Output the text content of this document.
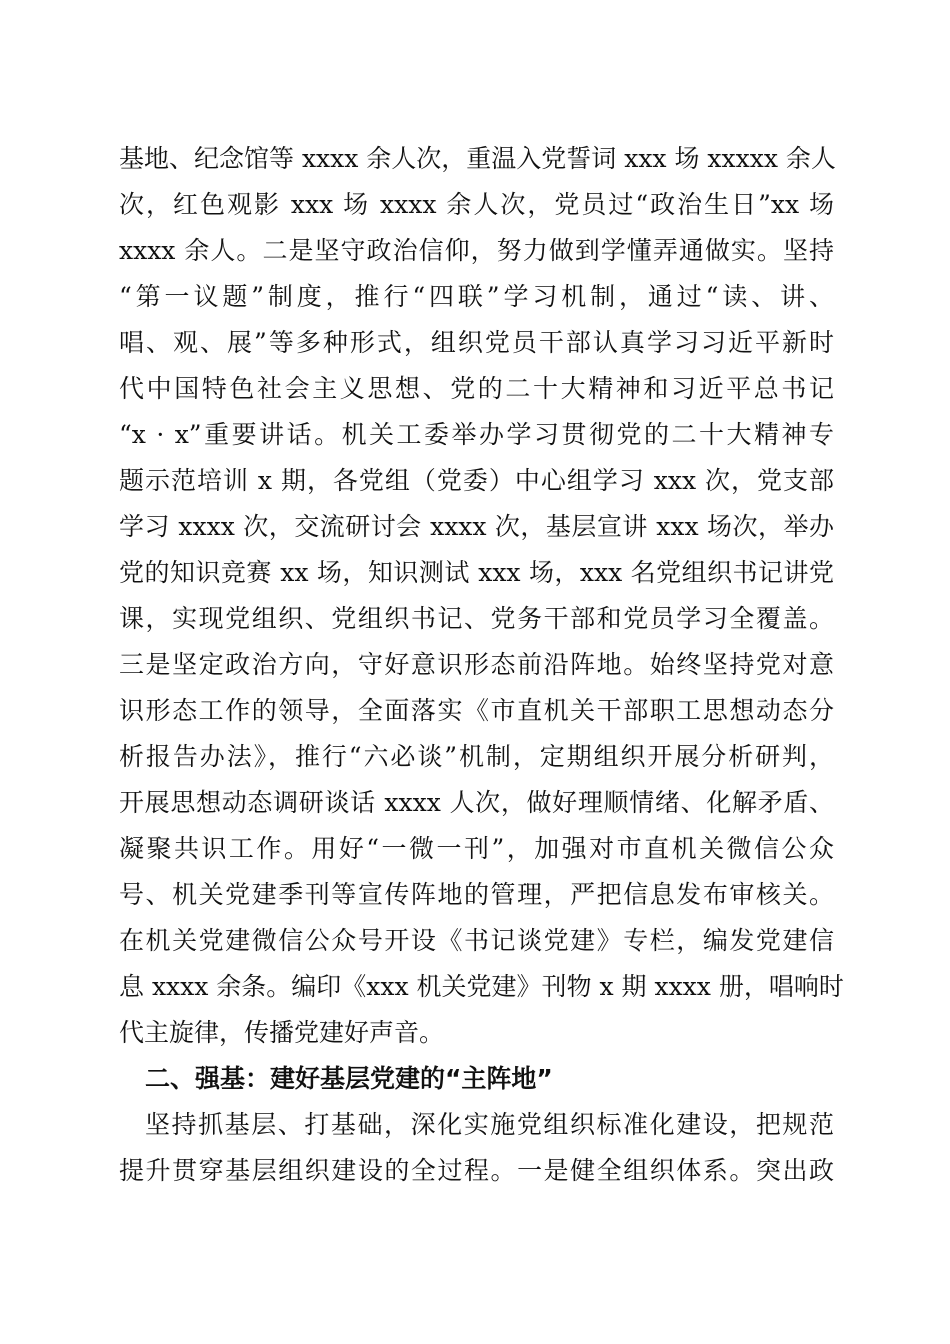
基地、纪念馆等 xxxx 余人次，重温入党誓词 xxx 场 xxxxx 余人
次，红色观影 xxx 场 xxxx 余人次，党员过“政治生日”xx 场
xxxx 余人。二是坚守政治信仰，努力做到学懂弄通做实。坚持
“第一议题”制度，推行“四联”学习机制，通过“读、讲、
唱、观、展”等多种形式，组织党员干部认真学习习近平新时
代中国特色社会主义思想、党的二十大精神和习近平总书记
“x · x”重要讲话。机关工委举办学习贯彻党的二十大精神专
题示范培训 x 期，各党组（党委）中心组学习 xxx 次，党支部
学习 xxxx 次，交流研讨会 xxxx 次，基层宣讲 xxx 场次，举办
党的知识竞赛 xx 场，知识测试 xxx 场，xxx 名党组织书记讲党
课，实现党组织、党组织书记、党务干部和党员学习全覆盖。
三是坚定政治方向，守好意识形态前沿阵地。始终坚持党对意
识形态工作的领导，全面落实《市直机关干部职工思想动态分
析报告办法》，推行“六必谈”机制，定期组织开展分析研判，
开展思想动态调研谈话 xxxx 人次，做好理顺情绪、化解矛盾、
凝聚共识工作。用好“一微一刊”，加强对市直机关微信公众
号、机关党建季刊等宣传阵地的管理，严把信息发布审核关。
在机关党建微信公众号开设《书记谈党建》专栏，编发党建信
息 xxxx 余条。编印《xxx 机关党建》刊物 x 期 xxxx 册，唱响时
代主旋律，传播党建好声音。
二、强基：建好基层党建的“主阵地”
坚持抓基层、打基础，深化实施党组织标准化建设，把规范
提升贯穿基层组织建设的全过程。一是健全组织体系。突出政
